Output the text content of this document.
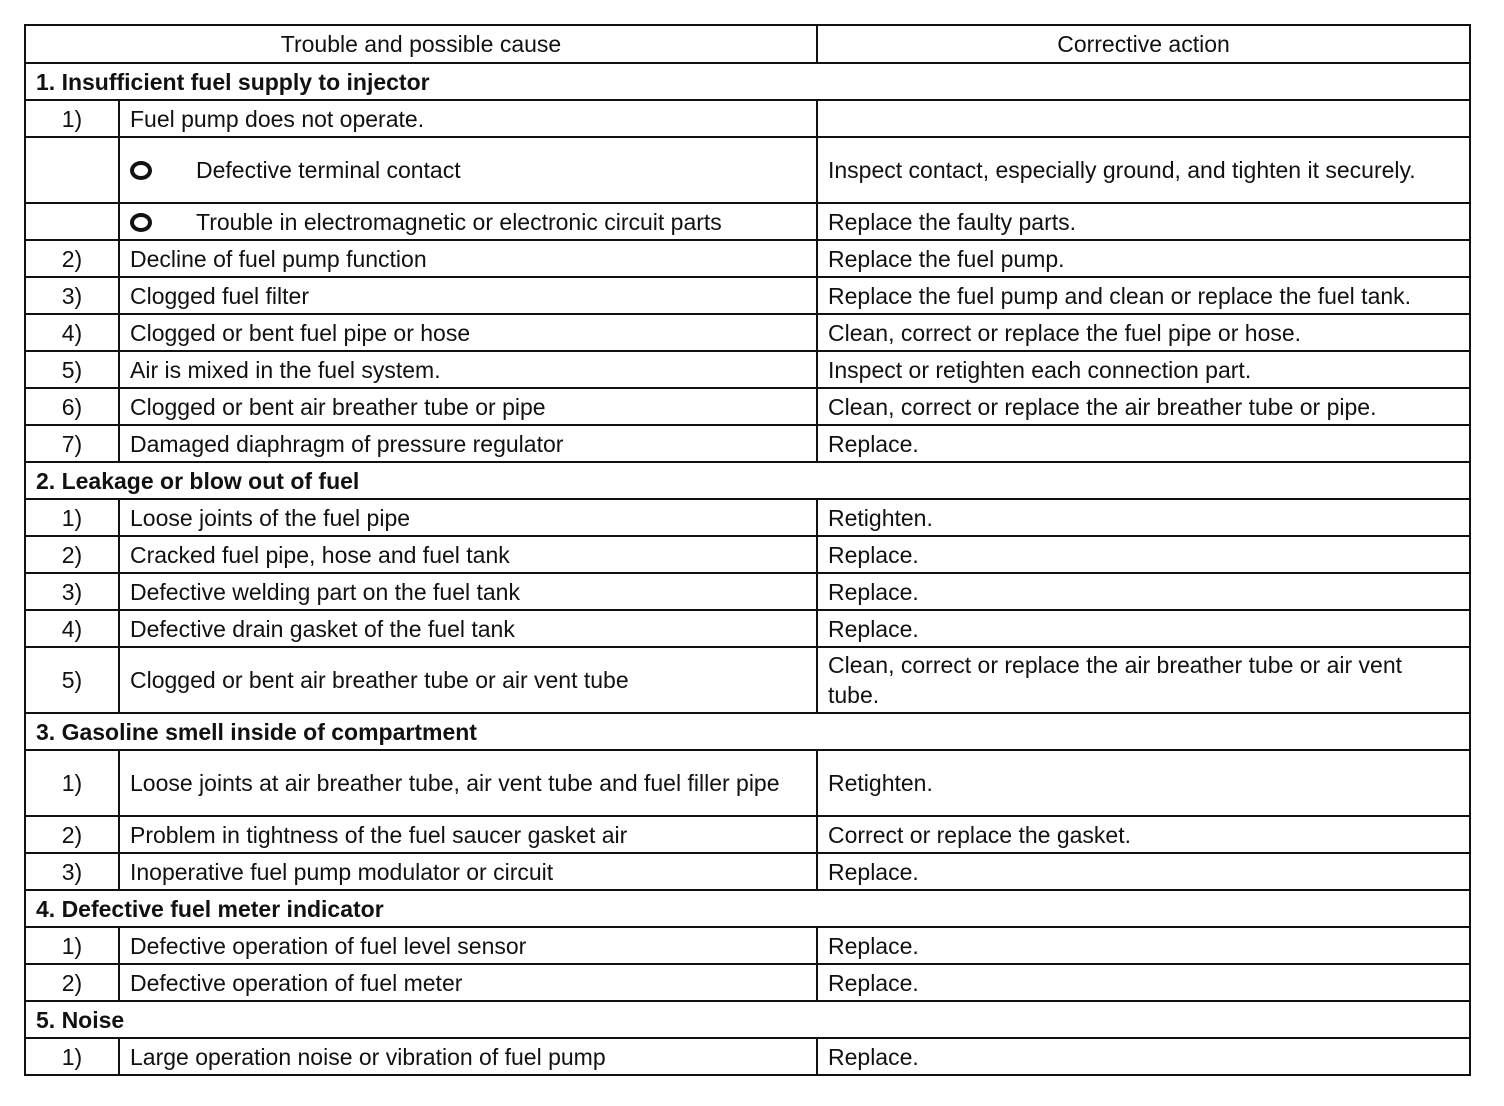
Trouble and possible cause		Corrective action
1. Insufficient fuel supply to injector		
1)	Fuel pump does not operate.	
	Defective terminal contact	Inspect contact, especially ground, and tighten it securely.
	Trouble in electromagnetic or electronic circuit parts	Replace the faulty parts.
2)	Decline of fuel pump function	Replace the fuel pump.
3)	Clogged fuel filter	Replace the fuel pump and clean or replace the fuel tank.
4)	Clogged or bent fuel pipe or hose	Clean, correct or replace the fuel pipe or hose.
5)	Air is mixed in the fuel system.	Inspect or retighten each connection part.
6)	Clogged or bent air breather tube or pipe	Clean, correct or replace the air breather tube or pipe.
7)	Damaged diaphragm of pressure regulator	Replace.
2. Leakage or blow out of fuel		
1)	Loose joints of the fuel pipe	Retighten.
2)	Cracked fuel pipe, hose and fuel tank	Replace.
3)	Defective welding part on the fuel tank	Replace.
4)	Defective drain gasket of the fuel tank	Replace.
5)	Clogged or bent air breather tube or air vent tube	Clean, correct or replace the air breather tube or air vent tube.
3. Gasoline smell inside of compartment		
1)	Loose joints at air breather tube, air vent tube and fuel filler pipe	Retighten.
2)	Problem in tightness of the fuel saucer gasket air	Correct or replace the gasket.
3)	Inoperative fuel pump modulator or circuit	Replace.
4. Defective fuel meter indicator		
1)	Defective operation of fuel level sensor	Replace.
2)	Defective operation of fuel meter	Replace.
5. Noise		
1)	Large operation noise or vibration of fuel pump	Replace.
